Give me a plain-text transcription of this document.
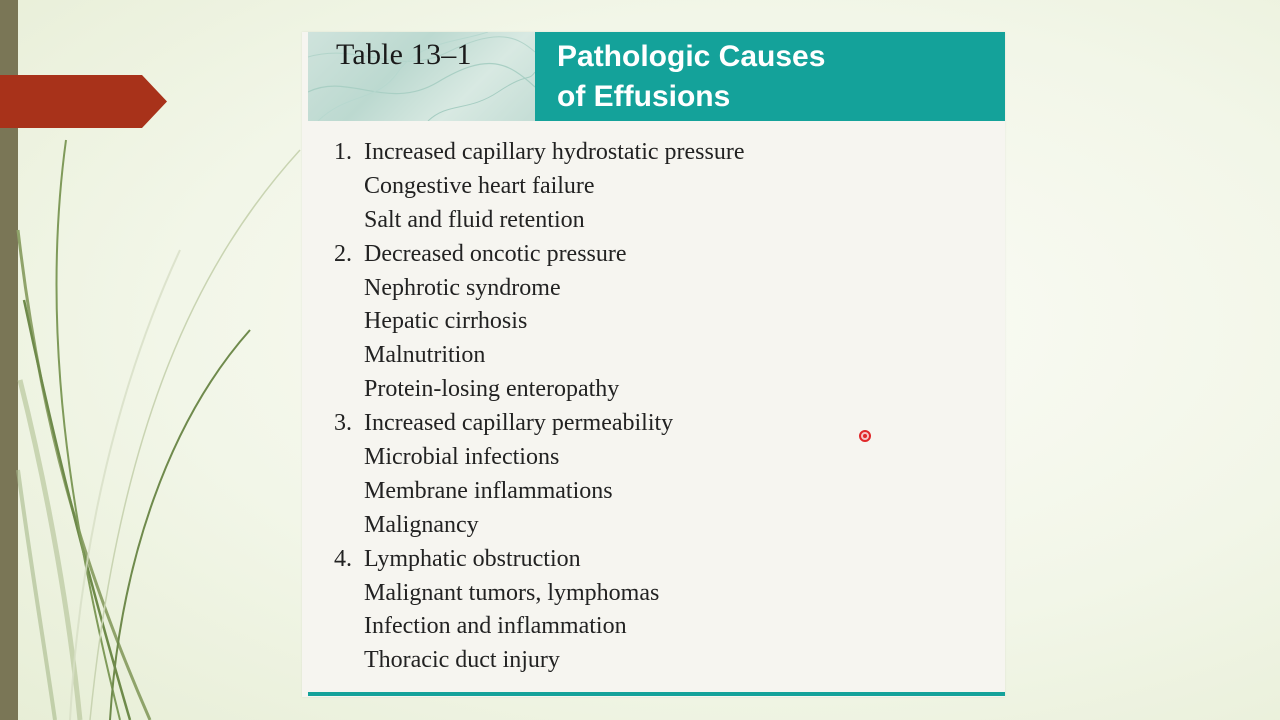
Table 13–1	Pathologic Causes
of Effusions
1. Increased capillary hydrostatic pressure
Congestive heart failure
Salt and fluid retention
2. Decreased oncotic pressure
Nephrotic syndrome
Hepatic cirrhosis
Malnutrition
Protein-losing enteropathy
3. Increased capillary permeability
Microbial infections
Membrane inflammations
Malignancy
4. Lymphatic obstruction
Malignant tumors, lymphomas
Infection and inflammation
Thoracic duct injury
